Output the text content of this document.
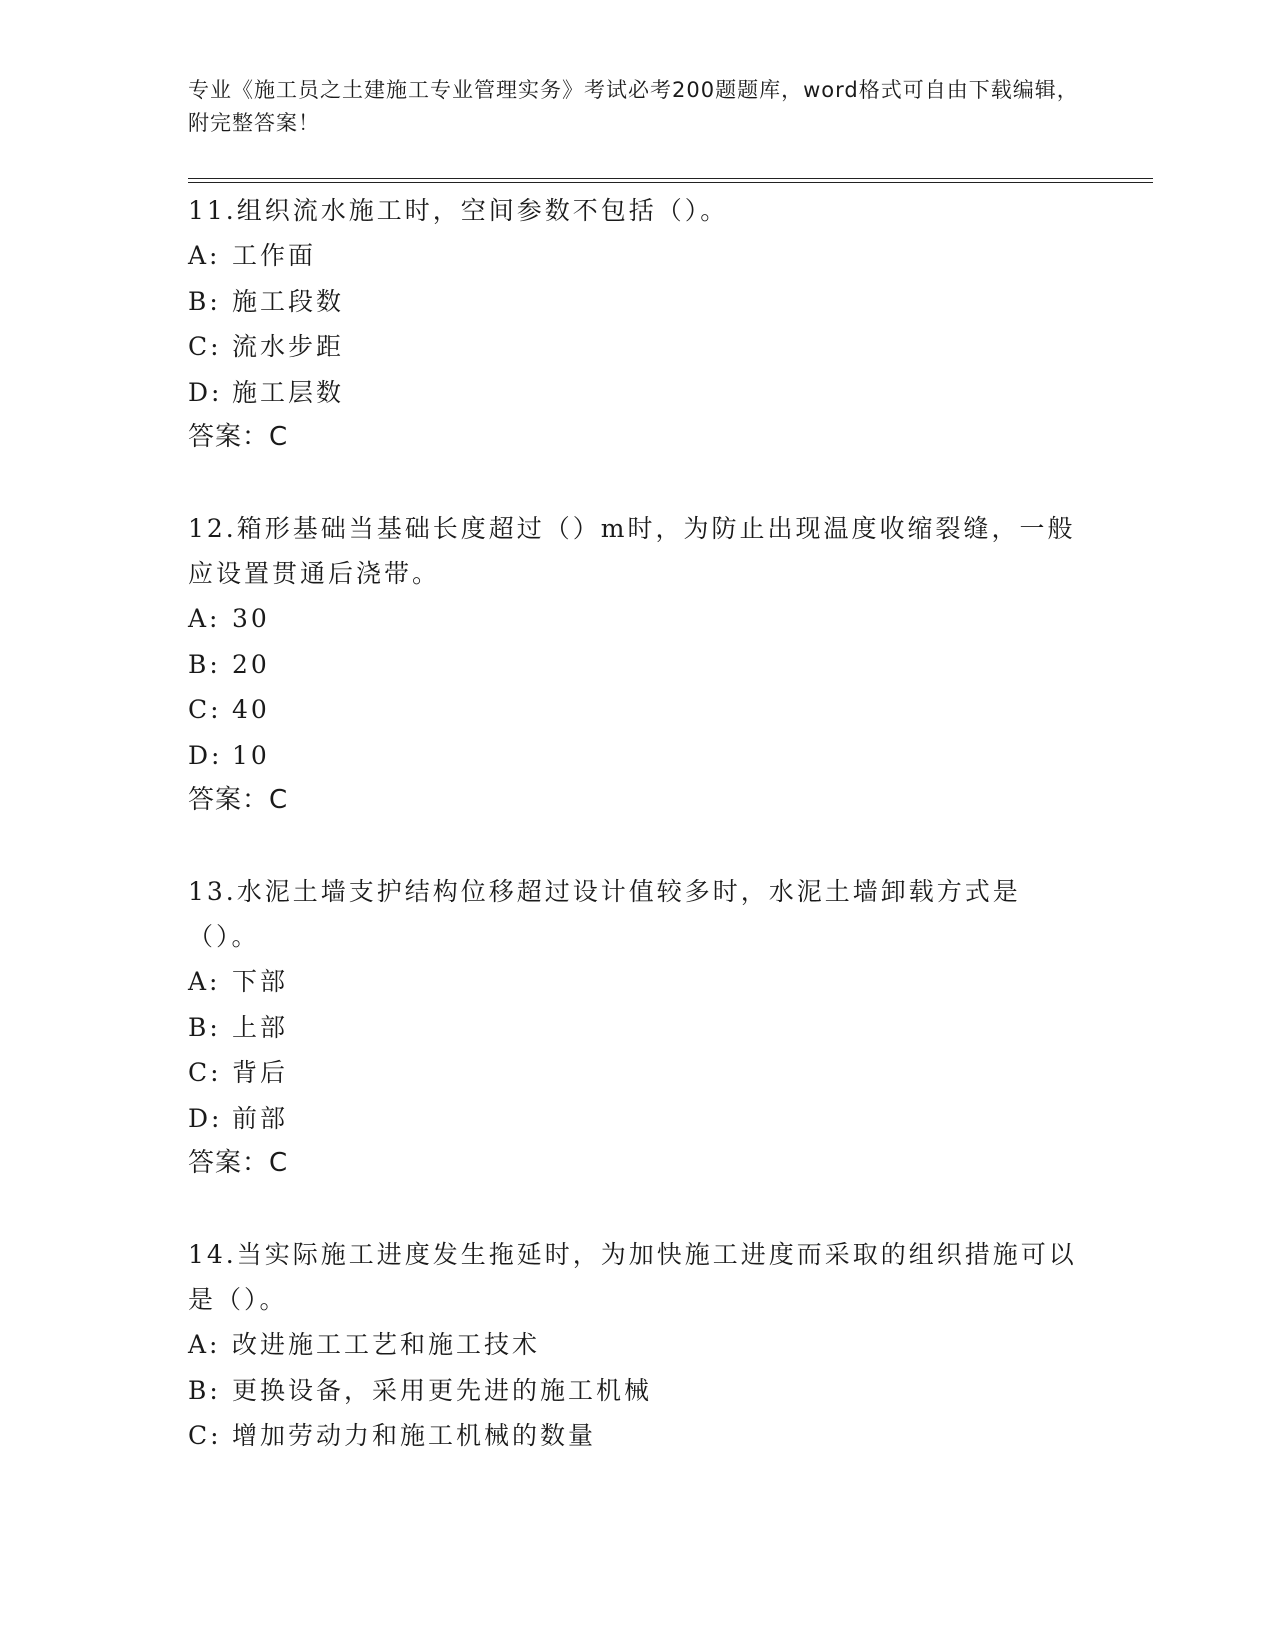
专业《施工员之土建施工专业管理实务》考试必考200题题库，word格式可自由下载编辑，附完整答案！
11.组织流水施工时，空间参数不包括（）。
A: 工作面
B: 施工段数
C: 流水步距
D: 施工层数
答案：C
12.箱形基础当基础长度超过（）m时，为防止出现温度收缩裂缝，一般应设置贯通后浇带。
A: 30
B: 20
C: 40
D: 10
答案：C
13.水泥土墙支护结构位移超过设计值较多时，水泥土墙卸载方式是（）。
A: 下部
B: 上部
C: 背后
D: 前部
答案：C
14.当实际施工进度发生拖延时，为加快施工进度而采取的组织措施可以是（）。
A: 改进施工工艺和施工技术
B: 更换设备，采用更先进的施工机械
C: 增加劳动力和施工机械的数量
